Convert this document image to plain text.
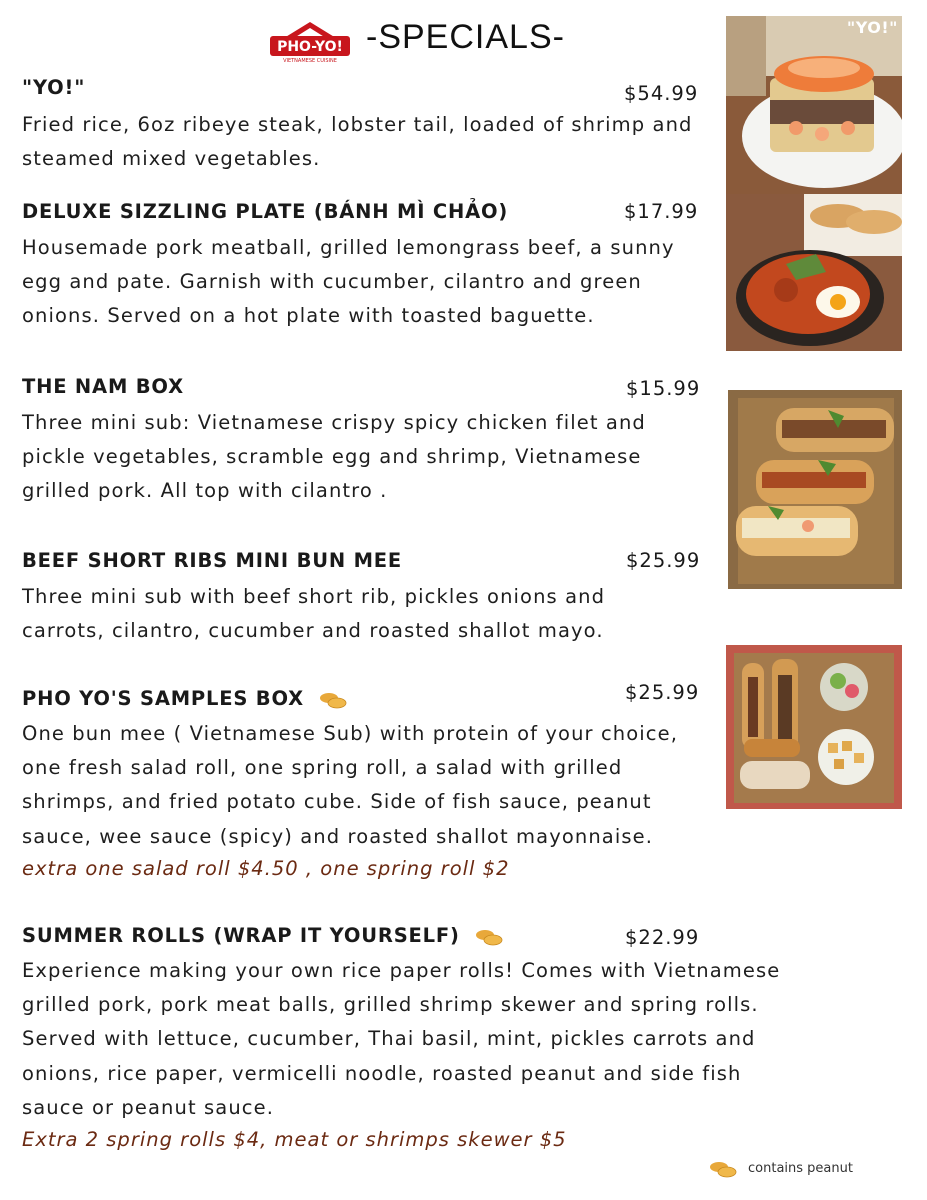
PHO-YO!
VIETNAMESE CUISINE
-SPECIALS-
"YO!"	$54.99

Fried rice, 6oz ribeye steak, lobster tail, loaded of shrimp and steamed mixed vegetables.

DELUXE SIZZLING PLATE (BÁNH MÌ CHẢO)	$17.99

Housemade pork meatball, grilled lemongrass beef, a sunny egg and pate. Garnish with cucumber, cilantro and green onions. Served on a hot plate with toasted baguette.

THE NAM BOX	$15.99

Three mini sub: Vietnamese crispy spicy chicken filet and pickle vegetables, scramble egg and shrimp, Vietnamese grilled pork. All top with cilantro .

BEEF SHORT RIBS MINI BUN MEE	$25.99

Three mini sub with beef short rib, pickles onions and carrots, cilantro, cucumber and roasted shallot mayo.

PHO YO'S SAMPLES BOX	$25.99

One bun mee ( Vietnamese Sub) with protein of your choice, one fresh salad roll, one spring roll, a salad with grilled shrimps, and fried potato cube. Side of fish sauce, peanut sauce, wee sauce (spicy) and roasted shallot mayonnaise.

extra one salad roll $4.50 , one spring roll $2
SUMMER ROLLS (WRAP IT YOURSELF)	$22.99

Experience making your own rice paper rolls! Comes with Vietnamese grilled pork, pork meat balls, grilled shrimp skewer and spring rolls. Served with lettuce, cucumber, Thai basil, mint, pickles carrots and onions, rice paper, vermicelli noodle, roasted peanut and side fish sauce or peanut sauce.

Extra 2 spring rolls $4, meat or shrimps skewer $5
"YO!"
contains peanut
